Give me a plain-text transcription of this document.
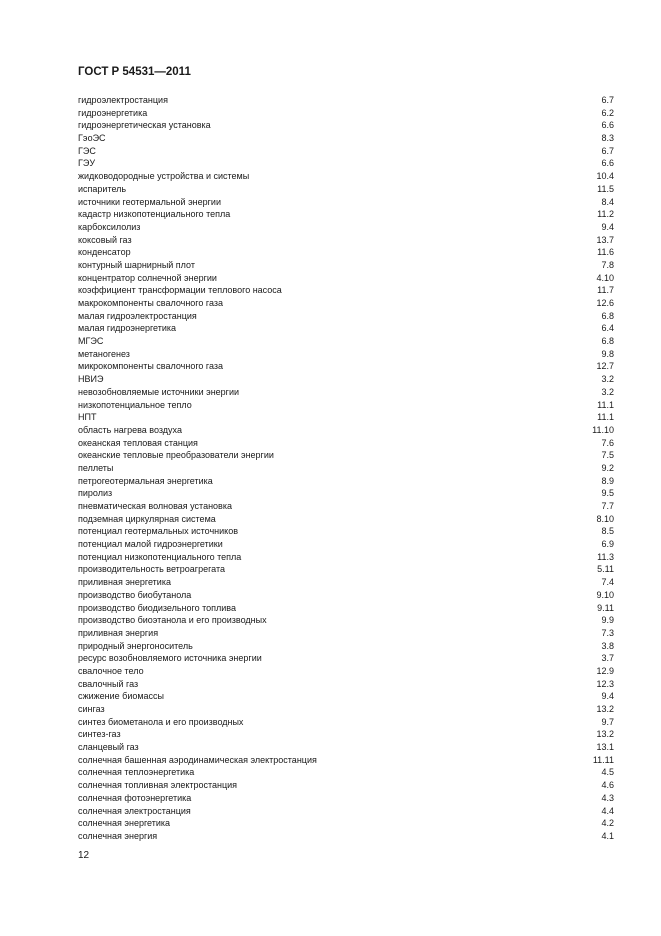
ГОСТ Р 54531—2011
гидроэлектростанция	6.7
гидроэнергетика	6.2
гидроэнергетическая установка	6.6
ГэоЭС	8.3
ГЭС	6.7
ГЭУ	6.6
жидководородные устройства и системы	10.4
испаритель	11.5
источники геотермальной энергии	8.4
кадастр низкопотенциального тепла	11.2
карбоксилолиз	9.4
коксовый газ	13.7
конденсатор	11.6
контурный шарнирный плот	7.8
концентратор солнечной энергии	4.10
коэффициент трансформации теплового насоса	11.7
макрокомпоненты свалочного газа	12.6
малая гидроэлектростанция	6.8
малая гидроэнергетика	6.4
МГЭС	6.8
метаногенез	9.8
микрокомпоненты свалочного газа	12.7
НВИЭ	3.2
невозобновляемые источники энергии	3.2
низкопотенциальное тепло	11.1
НПТ	11.1
область нагрева воздуха	11.10
океанская тепловая станция	7.6
океанские тепловые преобразователи энергии	7.5
пеллеты	9.2
петрогеотермальная энергетика	8.9
пиролиз	9.5
пневматическая волновая установка	7.7
подземная циркулярная система	8.10
потенциал геотермальных источников	8.5
потенциал малой гидроэнергетики	6.9
потенциал низкопотенциального тепла	11.3
производительность ветроагрегата	5.11
приливная энергетика	7.4
производство биобутанола	9.10
производство биодизельного топлива	9.11
производство биоэтанола и его производных	9.9
приливная энергия	7.3
природный энергоноситель	3.8
ресурс возобновляемого источника энергии	3.7
свалочное тело	12.9
свалочный газ	12.3
сжижение биомассы	9.4
сингаз	13.2
синтез биометанола и его производных	9.7
синтез-газ	13.2
сланцевый газ	13.1
солнечная башенная аэродинамическая электростанция	11.11
солнечная теплоэнергетика	4.5
солнечная топливная электростанция	4.6
солнечная фотоэнергетика	4.3
солнечная электростанция	4.4
солнечная энергетика	4.2
солнечная энергия	4.1
12
